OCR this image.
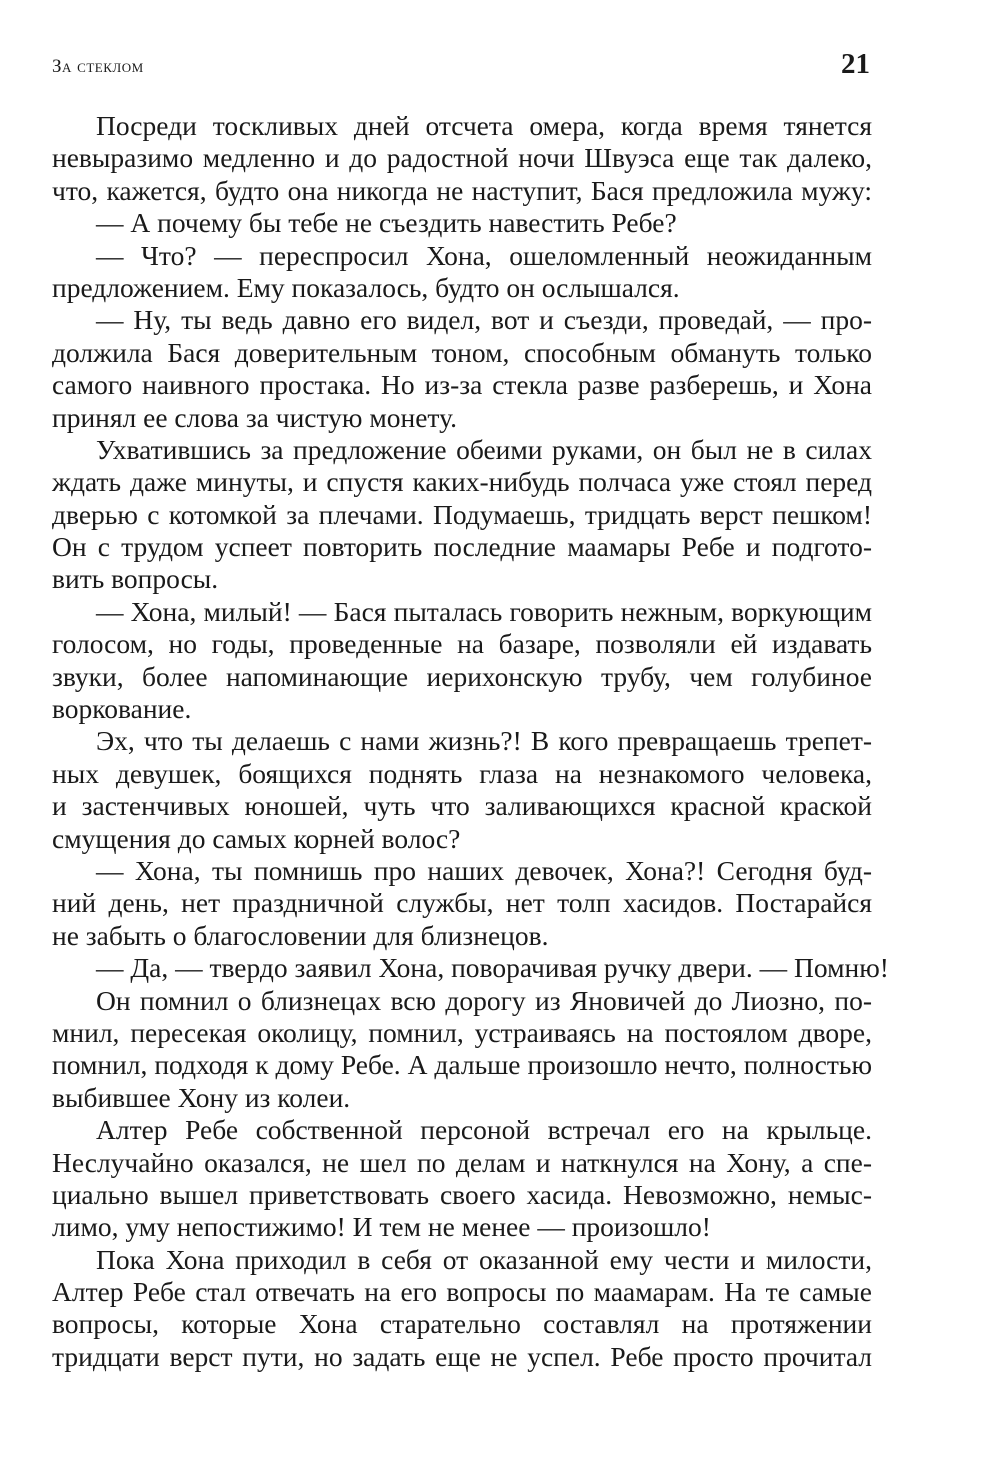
За стеклом	21
Посреди тоскливых дней отсчета омера, когда время тянется
невыразимо медленно и до радостной ночи Швуэса еще так далеко,
что, кажется, будто она никогда не наступит, Бася предложила мужу:
— А почему бы тебе не съездить навестить Ребе?
— Что? — переспросил Хона, ошеломленный неожиданным
предложением. Ему показалось, будто он ослышался.
— Ну, ты ведь давно его видел, вот и съезди, проведай, — про-
должила Бася доверительным тоном, способным обмануть только
самого наивного простака. Но из-за стекла разве разберешь, и Хона
принял ее слова за чистую монету.
Ухватившись за предложение обеими руками, он был не в силах
ждать даже минуты, и спустя каких-нибудь полчаса уже стоял перед
дверью с котомкой за плечами. Подумаешь, тридцать верст пешком!
Он с трудом успеет повторить последние маамары Ребе и подгото-
вить вопросы.
— Хона, милый! — Бася пыталась говорить нежным, воркующим
голосом, но годы, проведенные на базаре, позволяли ей издавать
звуки, более напоминающие иерихонскую трубу, чем голубиное
воркование.
Эх, что ты делаешь с нами жизнь?! В кого превращаешь трепет-
ных девушек, боящихся поднять глаза на незнакомого человека,
и застенчивых юношей, чуть что заливающихся красной краской
смущения до самых корней волос?
— Хона, ты помнишь про наших девочек, Хона?! Сегодня буд-
ний день, нет праздничной службы, нет толп хасидов. Постарайся
не забыть о благословении для близнецов.
— Да, — твердо заявил Хона, поворачивая ручку двери. — Помню!
Он помнил о близнецах всю дорогу из Яновичей до Лиозно, по-
мнил, пересекая околицу, помнил, устраиваясь на постоялом дворе,
помнил, подходя к дому Ребе. А дальше произошло нечто, полностью
выбившее Хону из колеи.
Алтер Ребе собственной персоной встречал его на крыльце.
Неслучайно оказался, не шел по делам и наткнулся на Хону, а спе-
циально вышел приветствовать своего хасида. Невозможно, немыс-
лимо, уму непостижимо! И тем не менее — произошло!
Пока Хона приходил в себя от оказанной ему чести и милости,
Алтер Ребе стал отвечать на его вопросы по маамарам. На те самые
вопросы, которые Хона старательно составлял на протяжении
тридцати верст пути, но задать еще не успел. Ребе просто прочитал
